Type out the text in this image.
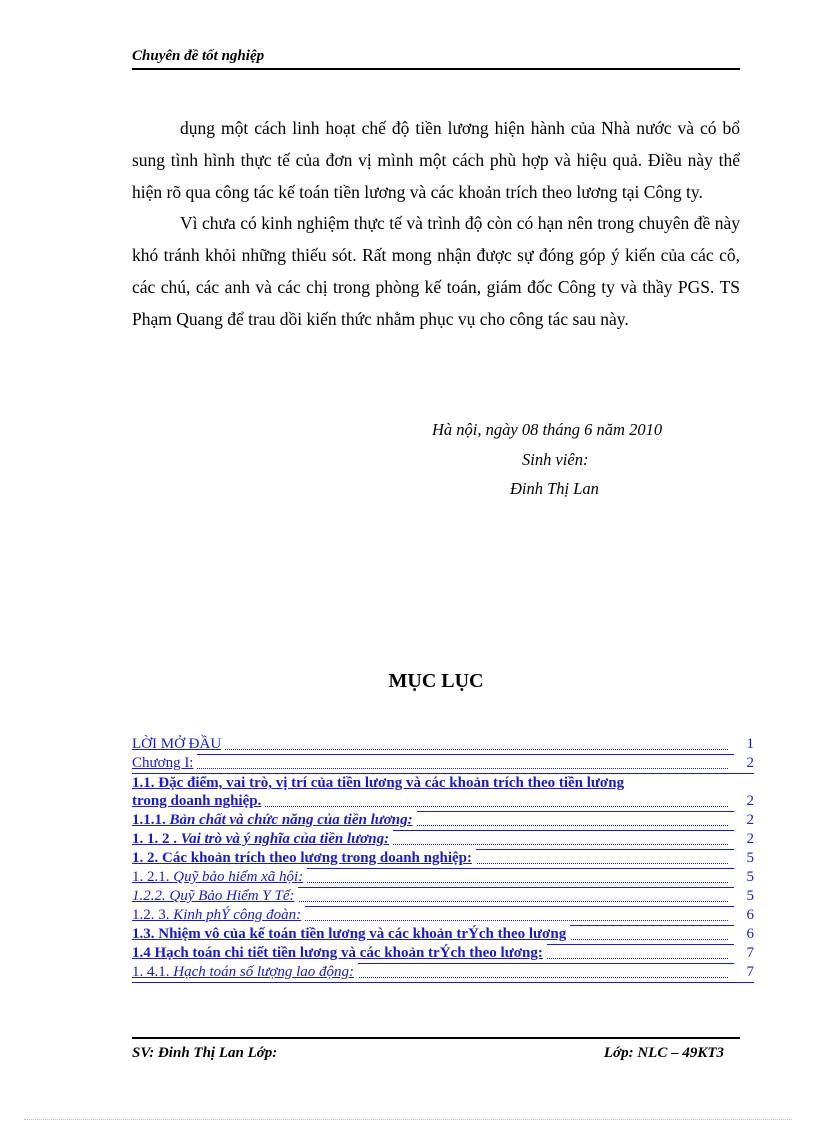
Chuyên đề tốt nghiệp

dụng một cách linh hoạt chế độ tiền lương hiện hành của Nhà nước và có bổ sung tình hình thực tế của đơn vị mình một cách phù hợp và hiệu quả. Điều này thể hiện rõ qua công tác kế toán tiền lương và các khoản trích theo lương tại Công ty.

Vì chưa có kinh nghiệm thực tế và trình độ còn có hạn nên trong chuyên đề này khó tránh khỏi những thiếu sót. Rất mong nhận được sự đóng góp ý kiến của các cô, các chú, các anh và các chị trong phòng kế toán, giám đốc Công ty và thầy PGS. TS Phạm Quang để trau dồi kiến thức nhằm phục vụ cho công tác sau này.

Hà nội, ngày 08 tháng 6 năm 2010
Sinh viên:
Đinh Thị Lan
MỤC LỤC
LỜI MỞ ĐẦU	1
Chương I:	2
1.1. Đặc điểm, vai trò, vị trí của tiền lương và các khoản trích theo tiền lương
trong doanh nghiệp.	2
1.1.1. Bản chất và chức năng của tiền lương:	2
1. 1. 2 . Vai trò và ý nghĩa của tiền lương:	2
1. 2. Các khoản trích theo lương trong doanh nghiệp:	5
1. 2.1. Quỹ bảo hiểm xã hội:	5
1.2.2. Quỹ Bảo Hiểm Y Tế:	5
1.2. 3. Kinh phÝ công đoàn:	6
1.3. Nhiệm vô của kế toán tiền lương và các khoản trÝch theo lương	6
1.4 Hạch toán chi tiết tiền lương và các khoản trÝch theo lương:	7
1. 4.1. Hạch toán số lượng lao động:	7
SV: Đinh Thị Lan Lớp:	Lớp: NLC – 49KT3
